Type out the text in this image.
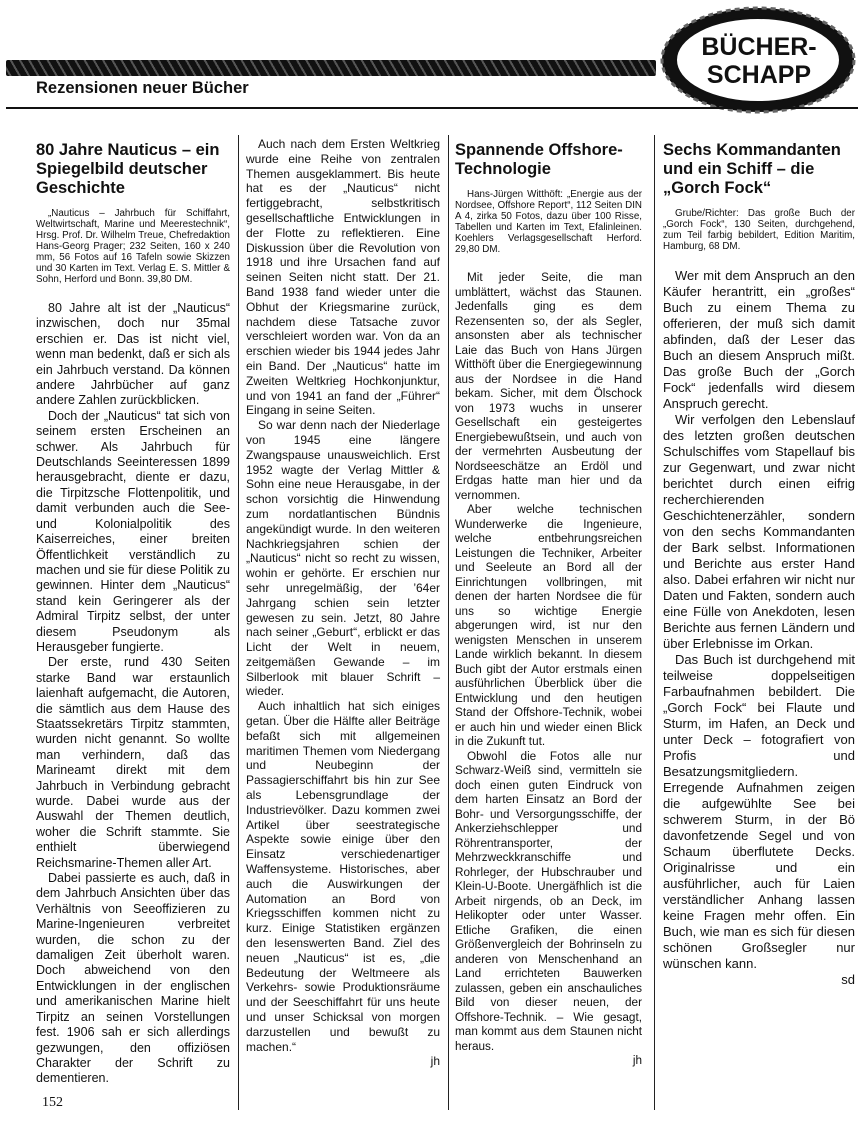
BÜCHER-
SCHAPP
Rezensionen neuer Bücher
80 Jahre Nauticus – ein Spiegelbild deutscher Geschichte

„Nauticus – Jahrbuch für Schiffahrt, Weltwirtschaft, Marine und Meerestechnik“, Hrsg. Prof. Dr. Wilhelm Treue, Chefredaktion Hans-Georg Prager; 232 Seiten, 160 x 240 mm, 56 Fotos auf 16 Tafeln sowie Skizzen und 30 Karten im Text. Verlag E. S. Mittler & Sohn, Herford und Bonn. 39,80 DM.

80 Jahre alt ist der „Nauticus“ inzwischen, doch nur 35mal erschien er. Das ist nicht viel, wenn man bedenkt, daß er sich als ein Jahrbuch verstand. Da können andere Jahrbücher auf ganz andere Zahlen zurückblicken.

Doch der „Nauticus“ tat sich von seinem ersten Erscheinen an schwer. Als Jahrbuch für Deutschlands Seeinteressen 1899 herausgebracht, diente er dazu, die Tirpitzsche Flottenpolitik, und damit verbunden auch die See- und Kolonialpolitik des Kaiserreiches, einer breiten Öffentlichkeit verständlich zu machen und sie für diese Politik zu gewinnen. Hinter dem „Nauticus“ stand kein Geringerer als der Admiral Tirpitz selbst, der unter diesem Pseudonym als Herausgeber fungierte.

Der erste, rund 430 Seiten starke Band war erstaunlich laienhaft aufgemacht, die Autoren, die sämtlich aus dem Hause des Staatssekretärs Tirpitz stammten, wurden nicht genannt. So wollte man verhindern, daß das Marineamt direkt mit dem Jahrbuch in Verbindung gebracht wurde. Dabei wurde aus der Auswahl der Themen deutlich, woher die Schrift stammte. Sie enthielt überwiegend Reichsmarine-Themen aller Art.

Dabei passierte es auch, daß in dem Jahrbuch Ansichten über das Verhältnis von Seeoffizieren zu Marine-Ingenieuren verbreitet wurden, die schon zu der damaligen Zeit überholt waren. Doch abweichend von den Entwicklungen in der englischen und amerikanischen Marine hielt Tirpitz an seinen Vorstellungen fest. 1906 sah er sich allerdings gezwungen, den offiziösen Charakter der Schrift zu dementieren.

Auch nach dem Ersten Weltkrieg wurde eine Reihe von zentralen Themen ausgeklammert. Bis heute hat es der „Nauticus“ nicht fertiggebracht, selbstkritisch gesellschaftliche Entwicklungen in der Flotte zu reflektieren. Eine Diskussion über die Revolution von 1918 und ihre Ursachen fand auf seinen Seiten nicht statt. Der 21. Band 1938 fand wieder unter die Obhut der Kriegsmarine zurück, nachdem diese Tatsache zuvor verschleiert worden war. Von da an erschien wieder bis 1944 jedes Jahr ein Band. Der „Nauticus“ hatte im Zweiten Weltkrieg Hochkonjunktur, und von 1941 an fand der „Führer“ Eingang in seine Seiten.

So war denn nach der Niederlage von 1945 eine längere Zwangspause unausweichlich. Erst 1952 wagte der Verlag Mittler & Sohn eine neue Herausgabe, in der schon vorsichtig die Hinwendung zum nordatlantischen Bündnis angekündigt wurde. In den weiteren Nachkriegsjahren schien der „Nauticus“ nicht so recht zu wissen, wohin er gehörte. Er erschien nur sehr unregelmäßig, der ’64er Jahrgang schien sein letzter gewesen zu sein. Jetzt, 80 Jahre nach seiner „Geburt“, erblickt er das Licht der Welt in neuem, zeitgemäßen Gewande – im Silberlook mit blauer Schrift – wieder.

Auch inhaltlich hat sich einiges getan. Über die Hälfte aller Beiträge befaßt sich mit allgemeinen maritimen Themen vom Niedergang und Neubeginn der Passagierschiffahrt bis hin zur See als Lebensgrundlage der Industrievölker. Dazu kommen zwei Artikel über seestrategische Aspekte sowie einige über den Einsatz verschiedenartiger Waffensysteme. Historisches, aber auch die Auswirkungen der Automation an Bord von Kriegsschiffen kommen nicht zu kurz. Einige Statistiken ergänzen den lesenswerten Band. Ziel des neuen „Nauticus“ ist es, „die Bedeutung der Weltmeere als Verkehrs- sowie Produktionsräume und der Seeschiffahrt für uns heute und unser Schicksal von morgen darzustellen und bewußt zu machen.“

jh

Spannende Offshore-Technologie

Hans-Jürgen Witthöft: „Energie aus der Nordsee, Offshore Report“, 112 Seiten DIN A 4, zirka 50 Fotos, dazu über 100 Risse, Tabellen und Karten im Text, Efalinleinen. Koehlers Verlagsgesellschaft Herford. 29,80 DM.

Mit jeder Seite, die man umblättert, wächst das Staunen. Jedenfalls ging es dem Rezensenten so, der als Segler, ansonsten aber als technischer Laie das Buch von Hans Jürgen Witthöft über die Energiegewinnung aus der Nordsee in die Hand bekam. Sicher, mit dem Ölschock von 1973 wuchs in unserer Gesellschaft ein gesteigertes Energiebewußtsein, und auch von der vermehrten Ausbeutung der Nordseeschätze an Erdöl und Erdgas hatte man hier und da vernommen.

Aber welche technischen Wunderwerke die Ingenieure, welche entbehrungsreichen Leistungen die Techniker, Arbeiter und Seeleute an Bord all der Einrichtungen vollbringen, mit denen der harten Nordsee die für uns so wichtige Energie abgerungen wird, ist nur den wenigsten Menschen in unserem Lande wirklich bekannt. In diesem Buch gibt der Autor erstmals einen ausführlichen Überblick über die Entwicklung und den heutigen Stand der Offshore-Technik, wobei er auch hin und wieder einen Blick in die Zukunft tut.

Obwohl die Fotos alle nur Schwarz-Weiß sind, vermitteln sie doch einen guten Eindruck von dem harten Einsatz an Bord der Bohr- und Versorgungsschiffe, der Ankerziehschlepper und Röhrentransporter, der Mehrzweckkranschiffe und Rohrleger, der Hubschrauber und Klein-U-Boote. Unergäfhlich ist die Arbeit nirgends, ob an Deck, im Helikopter oder unter Wasser. Etliche Grafiken, die einen Größenvergleich der Bohrinseln zu anderen von Menschenhand an Land errichteten Bauwerken zulassen, geben ein anschauliches Bild von dieser neuen, der Offshore-Technik. – Wie gesagt, man kommt aus dem Staunen nicht heraus.

jh

Sechs Kommandanten und ein Schiff – die „Gorch Fock“

Grube/Richter: Das große Buch der „Gorch Fock“, 130 Seiten, durchgehend, zum Teil farbig bebildert, Edition Maritim, Hamburg, 68 DM.

Wer mit dem Anspruch an den Käufer herantritt, ein „großes“ Buch zu einem Thema zu offerieren, der muß sich damit abfinden, daß der Leser das Buch an diesem Anspruch mißt. Das große Buch der „Gorch Fock“ jedenfalls wird diesem Anspruch gerecht.

Wir verfolgen den Lebenslauf des letzten großen deutschen Schulschiffes vom Stapellauf bis zur Gegenwart, und zwar nicht berichtet durch einen eifrig recherchierenden Geschichtenerzähler, sondern von den sechs Kommandanten der Bark selbst. Informationen und Berichte aus erster Hand also. Dabei erfahren wir nicht nur Daten und Fakten, sondern auch eine Fülle von Anekdoten, lesen Berichte aus fernen Ländern und über Erlebnisse im Orkan.

Das Buch ist durchgehend mit teilweise doppelseitigen Farbaufnahmen bebildert. Die „Gorch Fock“ bei Flaute und Sturm, im Hafen, an Deck und unter Deck – fotografiert von Profis und Besatzungsmitgliedern. Erregende Aufnahmen zeigen die aufgewühlte See bei schwerem Sturm, in der Bö davonfetzende Segel und von Schaum überflutete Decks. Originalrisse und ein ausführlicher, auch für Laien verständlicher Anhang lassen keine Fragen mehr offen. Ein Buch, wie man es sich für diesen schönen Großsegler nur wünschen kann.

sd

152
